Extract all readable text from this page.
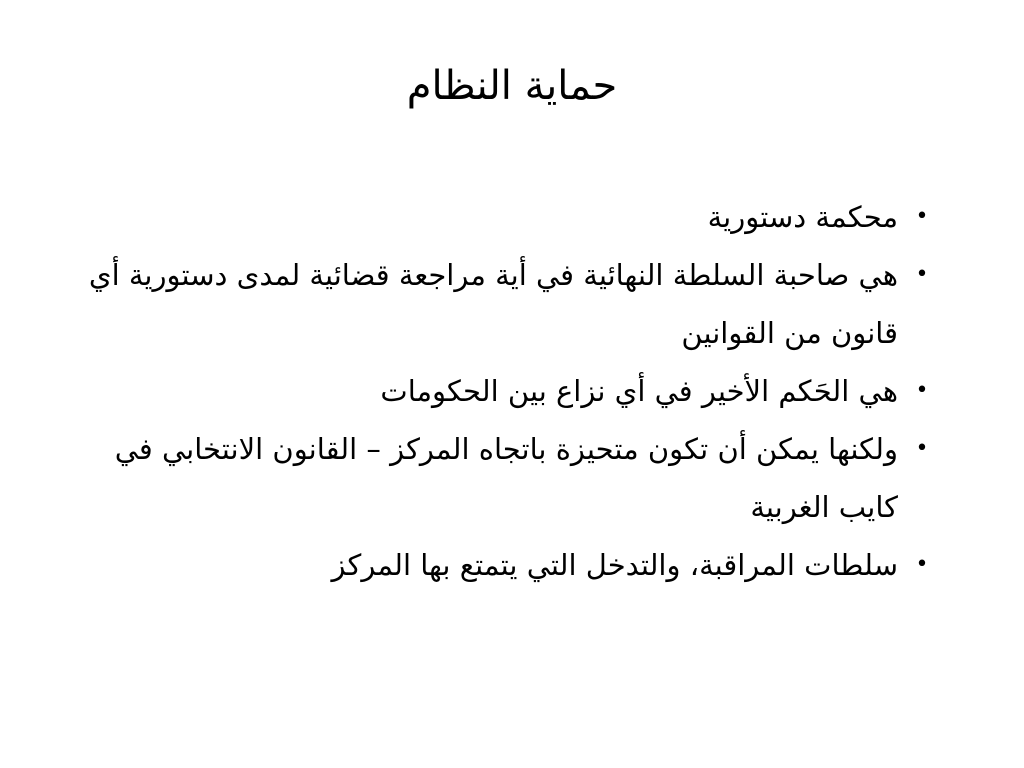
حماية النظام
•
محكمة دستورية
•
هي صاحبة السلطة النهائية في أية مراجعة قضائية لمدى دستورية أي قانون من القوانين
•
هي الحَكم الأخير في أي نزاع بين الحكومات
•
ولكنها يمكن أن تكون متحيزة باتجاه المركز – القانون الانتخابي في كايب الغربية
•
سلطات المراقبة، والتدخل التي يتمتع بها المركز
